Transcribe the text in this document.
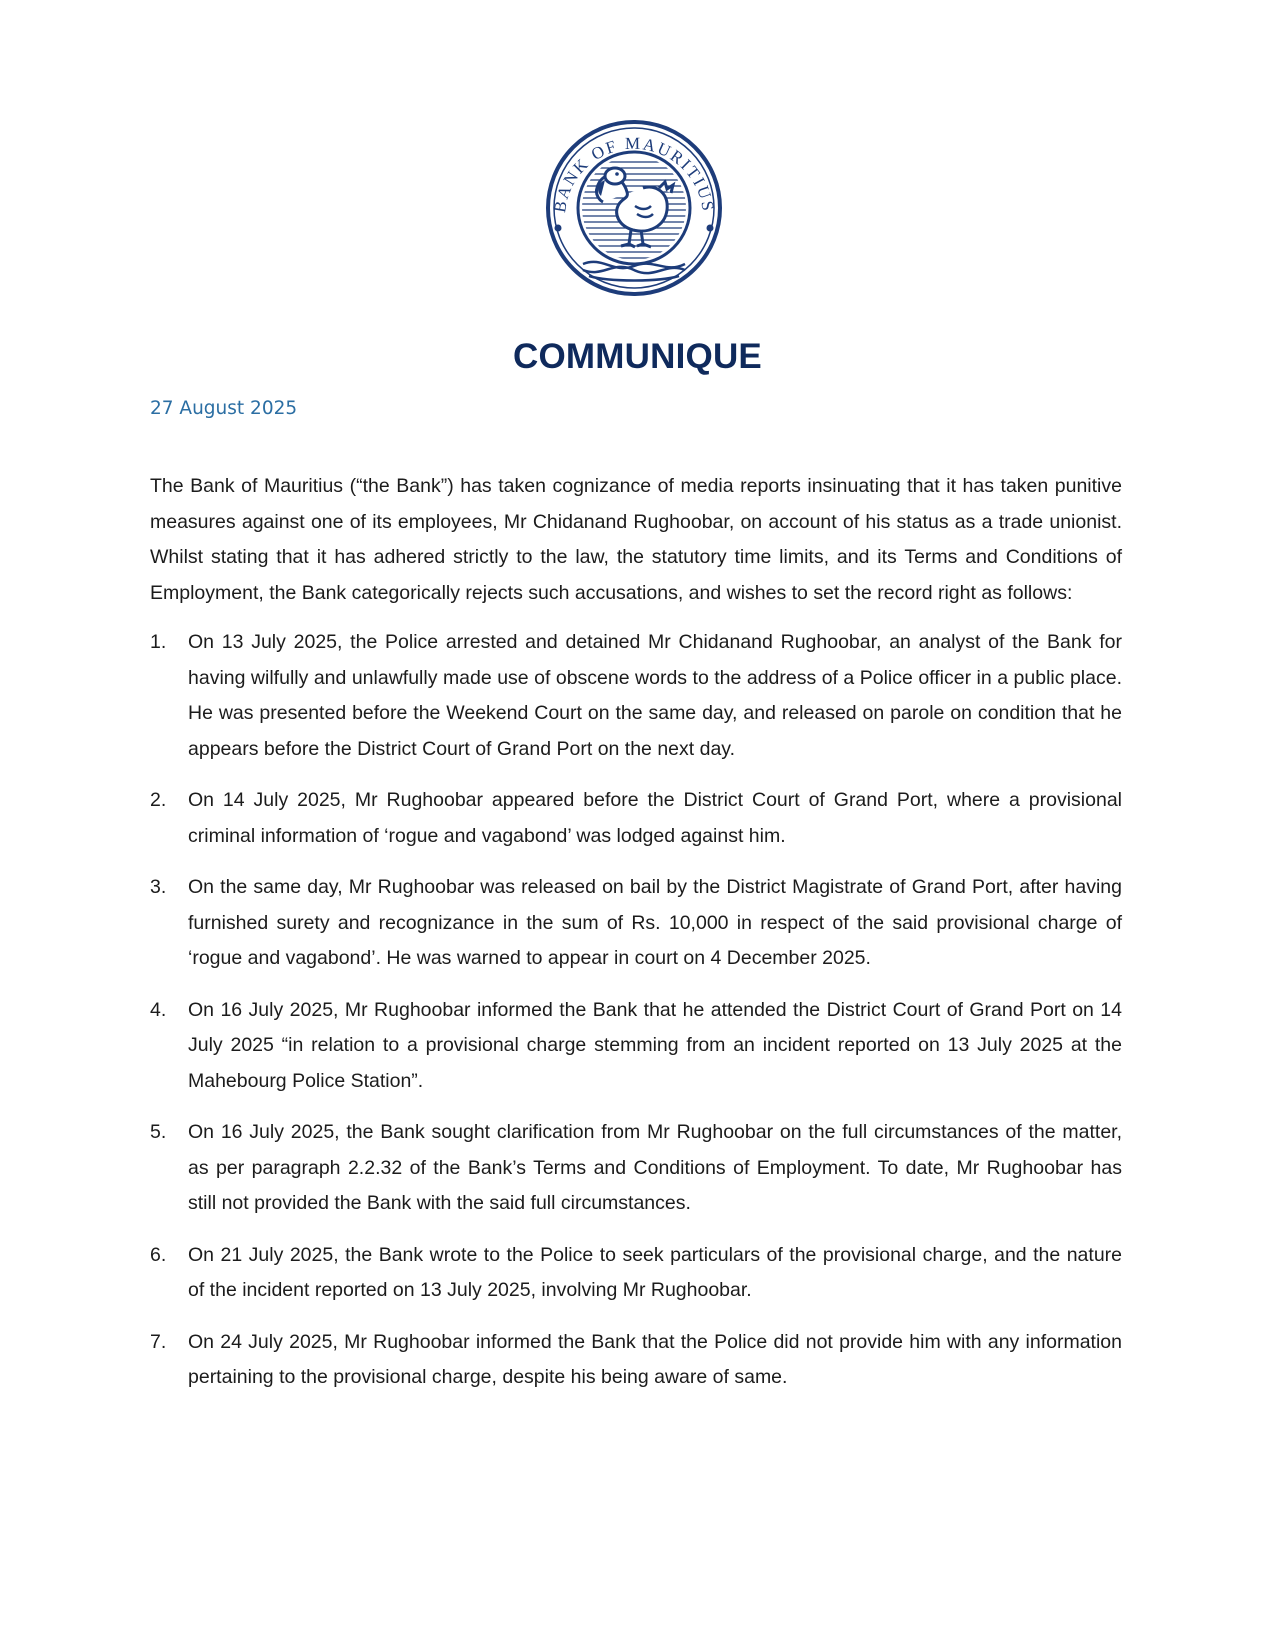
BANK OF MAURITIUS
COMMUNIQUE
27 August 2025

The Bank of Mauritius (“the Bank”) has taken cognizance of media reports insinuating that it has taken punitive measures against one of its employees, Mr Chidanand Rughoobar, on account of his status as a trade unionist. Whilst stating that it has adhered strictly to the law, the statutory time limits, and its Terms and Conditions of Employment, the Bank categorically rejects such accusations, and wishes to set the record right as follows:

1. On 13 July 2025, the Police arrested and detained Mr Chidanand Rughoobar, an analyst of the Bank for having wilfully and unlawfully made use of obscene words to the address of a Police officer in a public place. He was presented before the Weekend Court on the same day, and released on parole on condition that he appears before the District Court of Grand Port on the next day.
2. On 14 July 2025, Mr Rughoobar appeared before the District Court of Grand Port, where a provisional criminal information of ‘rogue and vagabond’ was lodged against him.
3. On the same day, Mr Rughoobar was released on bail by the District Magistrate of Grand Port, after having furnished surety and recognizance in the sum of Rs. 10,000 in respect of the said provisional charge of ‘rogue and vagabond’. He was warned to appear in court on 4 December 2025.
4. On 16 July 2025, Mr Rughoobar informed the Bank that he attended the District Court of Grand Port on 14 July 2025 “in relation to a provisional charge stemming from an incident reported on 13 July 2025 at the Mahebourg Police Station”.
5. On 16 July 2025, the Bank sought clarification from Mr Rughoobar on the full circumstances of the matter, as per paragraph 2.2.32 of the Bank’s Terms and Conditions of Employment. To date, Mr Rughoobar has still not provided the Bank with the said full circumstances.
6. On 21 July 2025, the Bank wrote to the Police to seek particulars of the provisional charge, and the nature of the incident reported on 13 July 2025, involving Mr Rughoobar.
7. On 24 July 2025, Mr Rughoobar informed the Bank that the Police did not provide him with any information pertaining to the provisional charge, despite his being aware of same.
